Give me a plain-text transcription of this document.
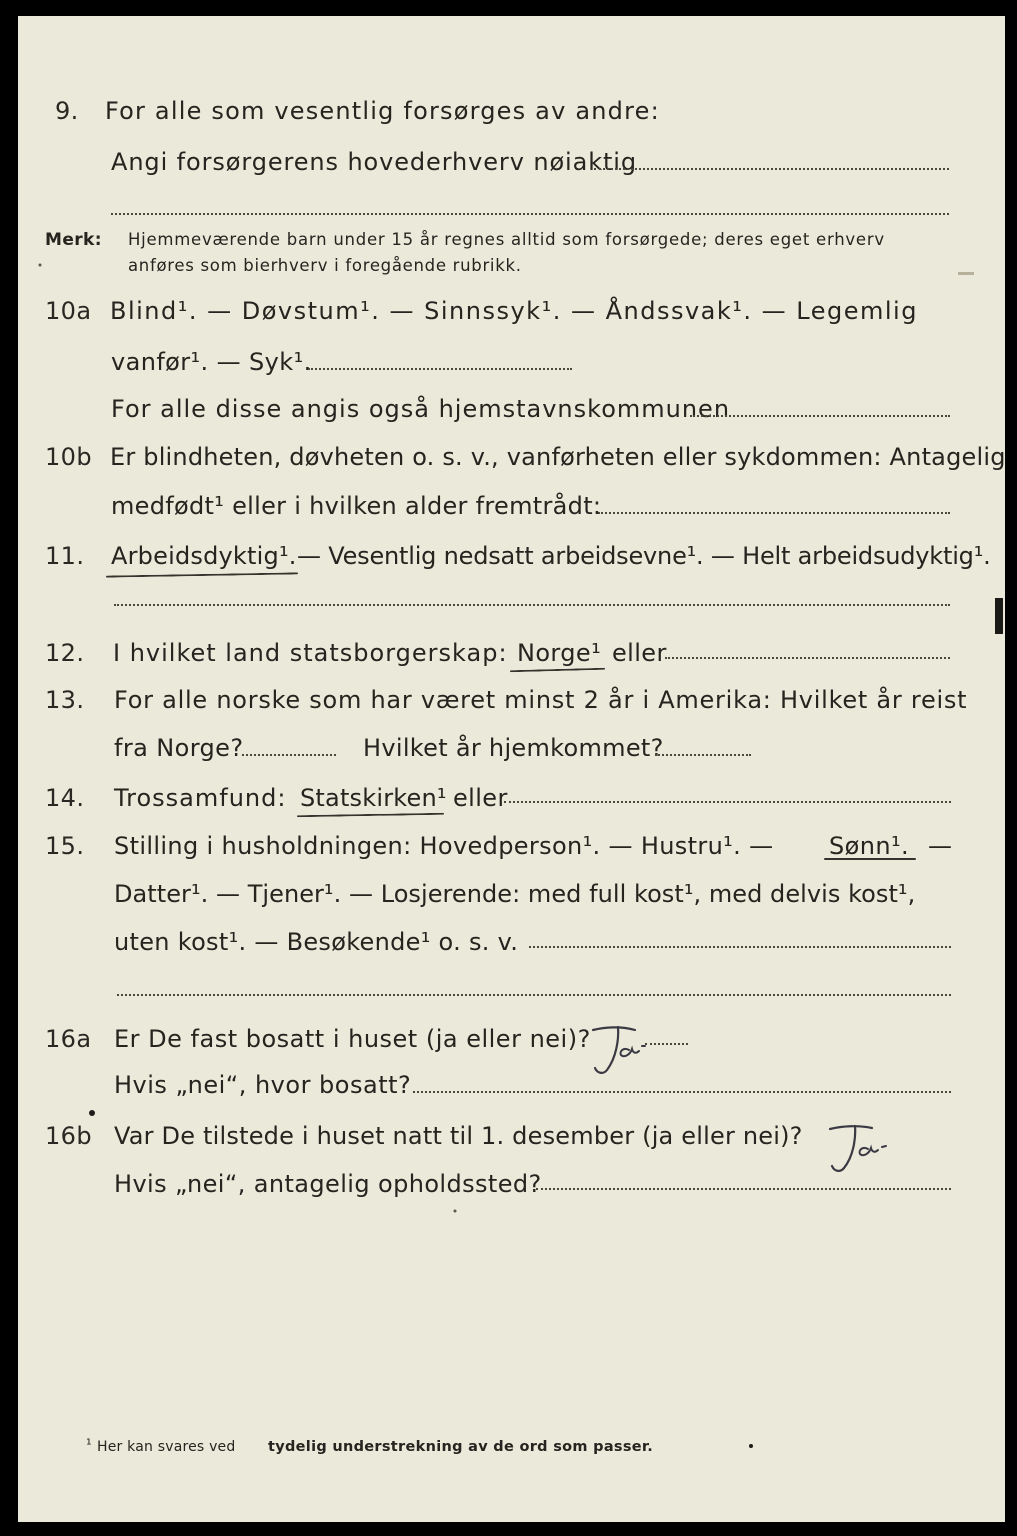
9. For alle som vesentlig forsørges av andre:
Angi forsørgerens hovederhverv nøiaktig
Merk: Hjemmeværende barn under 15 år regnes alltid som forsørgede; deres eget erhverv
anføres som bierhverv i foregående rubrikk.
10a Blind¹. — Døvstum¹. — Sinnssyk¹. — Åndssvak¹. — Legemlig
vanfør¹. — Syk¹.
For alle disse angis også hjemstavnskommunen
10b Er blindheten, døvheten o. s. v., vanførheten eller sykdommen: Antagelig
medfødt¹ eller i hvilken alder fremtrådt:
11. Arbeidsdyktig¹. — Vesentlig nedsatt arbeidsevne¹. — Helt arbeidsudyktig¹.
12. I hvilket land statsborgerskap: Norge¹ eller
13. For alle norske som har været minst 2 år i Amerika: Hvilket år reist
fra Norge?	Hvilket år hjemkommet?
14. Trossamfund: Statskirken¹ eller
15. Stilling i husholdningen: Hovedperson¹. — Hustru¹. — Sønn¹. —
Datter¹. — Tjener¹. — Losjerende: med full kost¹, med delvis kost¹,
uten kost¹. — Besøkende¹ o. s. v.
16a Er De fast bosatt i huset (ja eller nei)?
Hvis „nei“, hvor bosatt?
16b Var De tilstede i huset natt til 1. desember (ja eller nei)?
Hvis „nei“, antagelig opholdssted?
¹ Her kan svares ved tydelig understrekning av de ord som passer.
